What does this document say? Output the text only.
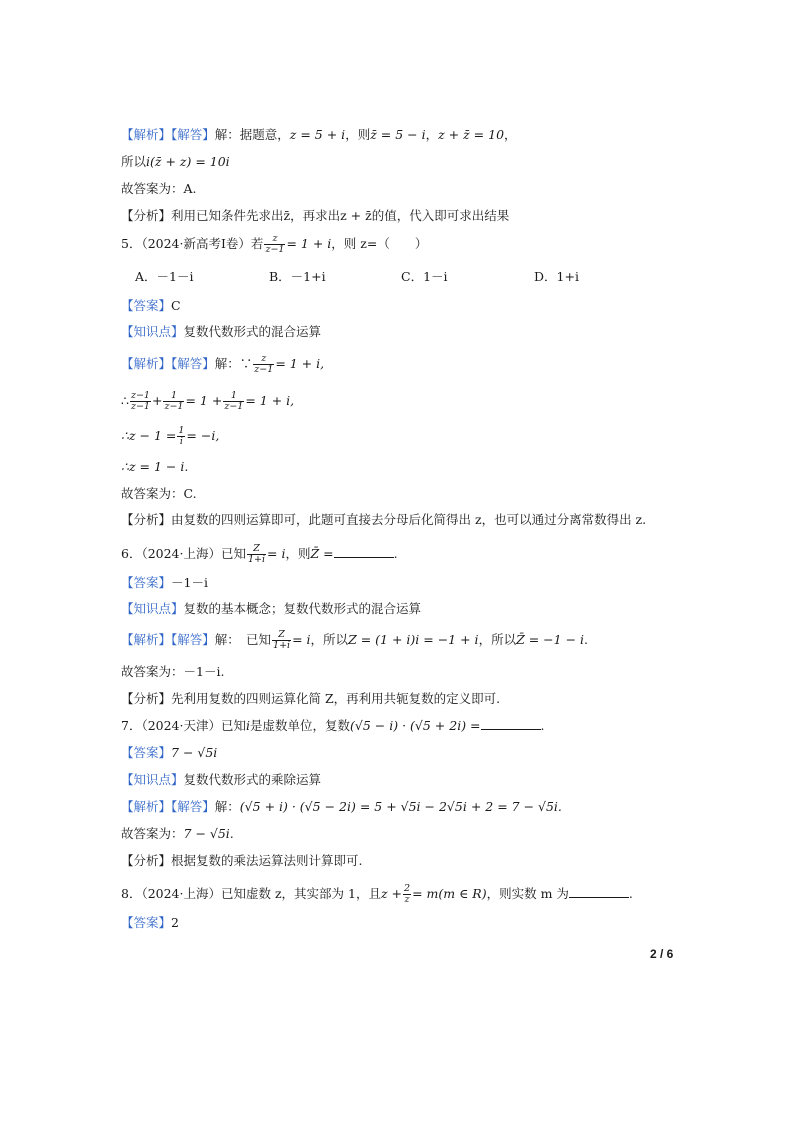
【解析】【解答】解：据题意，z = 5 + i，则z̄ = 5 − i，z + z̄ = 10，
所以i(z̄ + z) = 10i
故答案为：A.
【分析】利用已知条件先求出z̄，再求出z + z̄的值，代入即可求出结果
5．（2024·新高考Ⅰ卷）若 $\frac{z}{z-1} = 1 + i$，则 z=（　　）
A．－1－i	B．－1+i	C．1－i	D．1+i
【答案】C
【知识点】复数代数形式的混合运算
【解析】【解答】解：∵ $\frac{z}{z-1} = 1 + i$,
∴ $\frac{z-1}{z-1} + \frac{1}{z-1} = 1 + \frac{1}{z-1} = 1 + i$,
∴z − $1 = \frac{1}{i} = -i$,
∴z = 1 − i.
故答案为：C.
【分析】由复数的四则运算即可，此题可直接去分母后化简得出 z，也可以通过分离常数得出 z.
6．（2024·上海）已知 $\frac{Z}{1+i} = i$，则Z̄ =	.
【答案】－1－i
【知识点】复数的基本概念；复数代数形式的混合运算
【解析】【解答】解：　已知 $\frac{Z}{1+i} = i$，所以Z = (1 + i)i = −1 + i，所以Z̄ = −1 − i.
故答案为：－1－i.
【分析】先利用复数的四则运算化简 Z，再利用共轭复数的定义即可.
7．（2024·天津）已知i是虚数单位，复数(√5 − i) · (√5 + 2i) =	.
【答案】7 − √5i
【知识点】复数代数形式的乘除运算
【解析】【解答】解：(√5 + i) · (√5 − 2i) = 5 + √5i − 2√5i + 2 = 7 − √5i.
故答案为：7 − √5i.
【分析】根据复数的乘法运算法则计算即可.
8．（2024·上海）已知虚数 z，其实部为 1，且$z + \frac{2}{z} = m(m$ ∈ R)，则实数 m 为	.
【答案】2
2 / 6
